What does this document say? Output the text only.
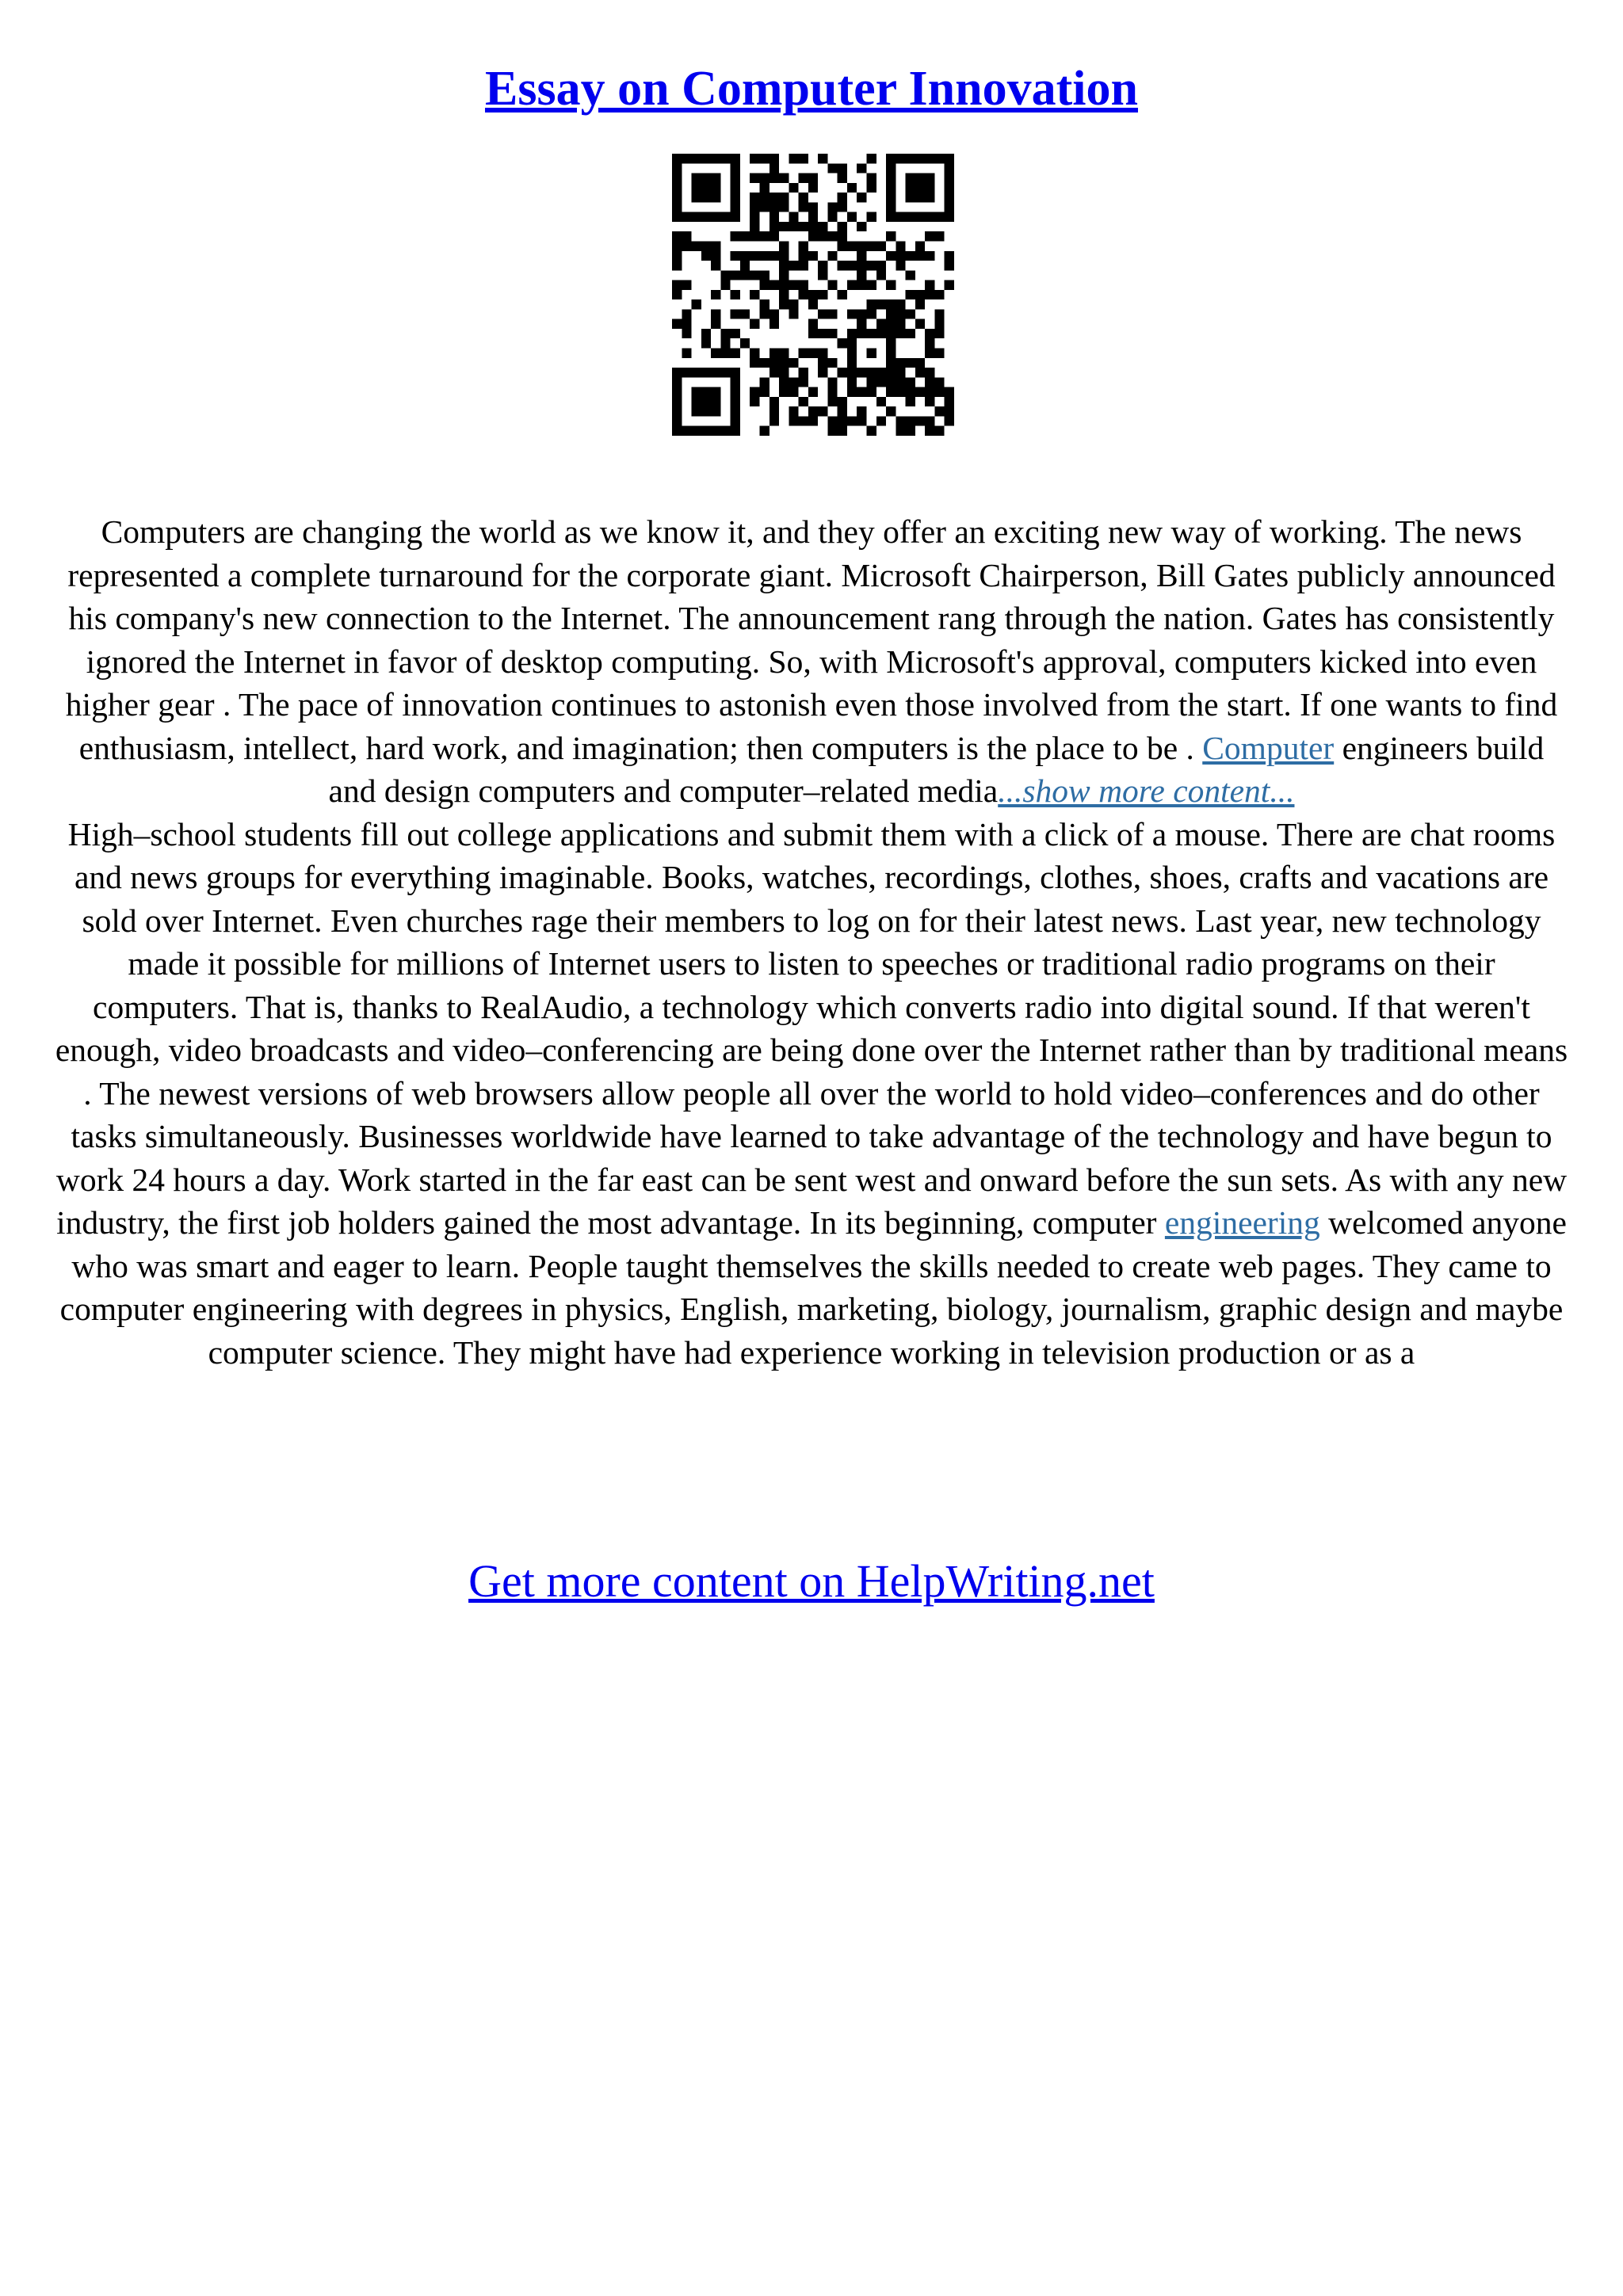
Essay on Computer Innovation

Computers are changing the world as we know it, and they offer an exciting new way of working. The news represented a complete turnaround for the corporate giant. Microsoft Chairperson, Bill Gates publicly announced his company's new connection to the Internet. The announcement rang through the nation. Gates has consistently ignored the Internet in favor of desktop computing. So, with Microsoft's approval, computers kicked into even higher gear . The pace of innovation continues to astonish even those involved from the start. If one wants to find enthusiasm, intellect, hard work, and imagination; then computers is the place to be . Computer engineers build and design computers and computer–related media...show more content...

High–school students fill out college applications and submit them with a click of a mouse. There are chat rooms and news groups for everything imaginable. Books, watches, recordings, clothes, shoes, crafts and vacations are sold over Internet. Even churches rage their members to log on for their latest news. Last year, new technology made it possible for millions of Internet users to listen to speeches or traditional radio programs on their computers. That is, thanks to RealAudio, a technology which converts radio into digital sound. If that weren't enough, video broadcasts and video–conferencing are being done over the Internet rather than by traditional means . The newest versions of web browsers allow people all over the world to hold video–conferences and do other tasks simultaneously. Businesses worldwide have learned to take advantage of the technology and have begun to work 24 hours a day. Work started in the far east can be sent west and onward before the sun sets. As with any new industry, the first job holders gained the most advantage. In its beginning, computer engineering welcomed anyone who was smart and eager to learn. People taught themselves the skills needed to create web pages. They came to computer engineering with degrees in physics, English, marketing, biology, journalism, graphic design and maybe computer science. They might have had experience working in television production or as a

Get more content on HelpWriting.net
